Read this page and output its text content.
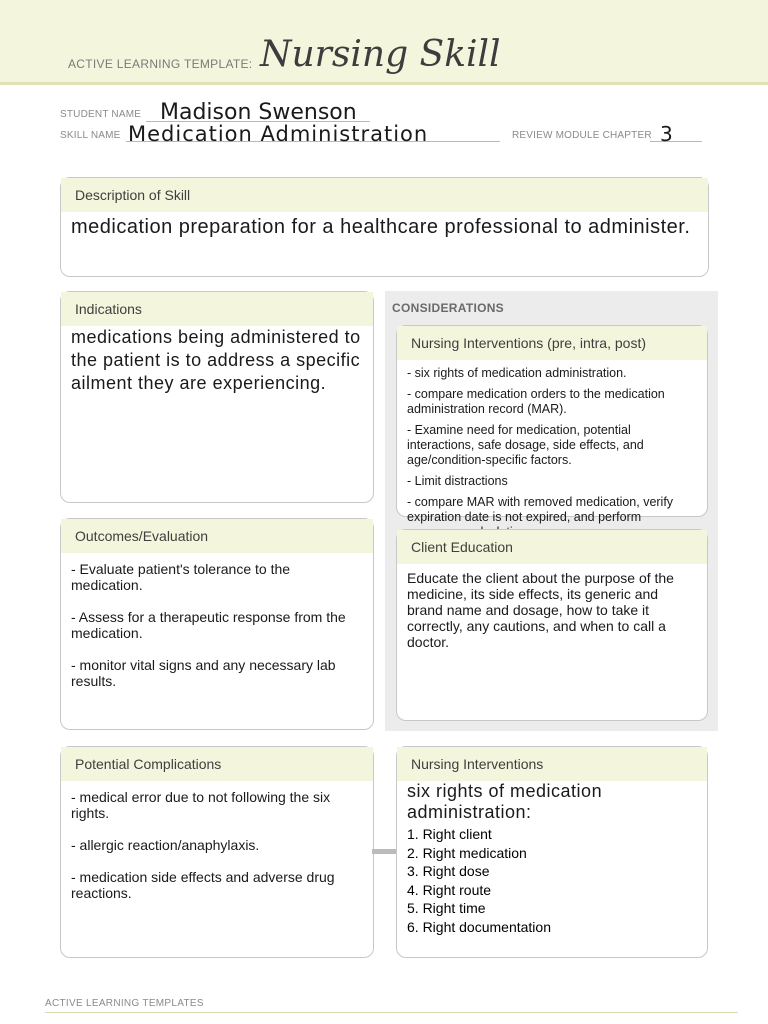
ACTIVE LEARNING TEMPLATE: Nursing Skill
STUDENT NAME Madison Swenson
SKILL NAME Medication Administration	REVIEW MODULE CHAPTER 3
Description of Skill
medication preparation for a healthcare professional to administer.
Indications
medications being administered to the patient is to address a specific ailment they are experiencing.
CONSIDERATIONS
Nursing Interventions (pre, intra, post)
- six rights of medication administration.
- compare medication orders to the medication administration record (MAR).
- Examine need for medication, potential interactions, safe dosage, side effects, and age/condition-specific factors.
- Limit distractions
- compare MAR with removed medication, verify expiration date is not expired, and perform
Client Education
Educate the client about the purpose of the medicine, its side effects, its generic and brand name and dosage, how to take it correctly, any cautions, and when to call a doctor.
Outcomes/Evaluation
- Evaluate patient's tolerance to the medication.
- Assess for a therapeutic response from the medication.
- monitor vital signs and any necessary lab results.
Potential Complications
- medical error due to not following the six rights.
- allergic reaction/anaphylaxis.
- medication side effects and adverse drug reactions.
Nursing Interventions
six rights of medication administration:
1. Right client
2. Right medication
3. Right dose
4. Right route
5. Right time
6. Right documentation
ACTIVE LEARNING TEMPLATES
